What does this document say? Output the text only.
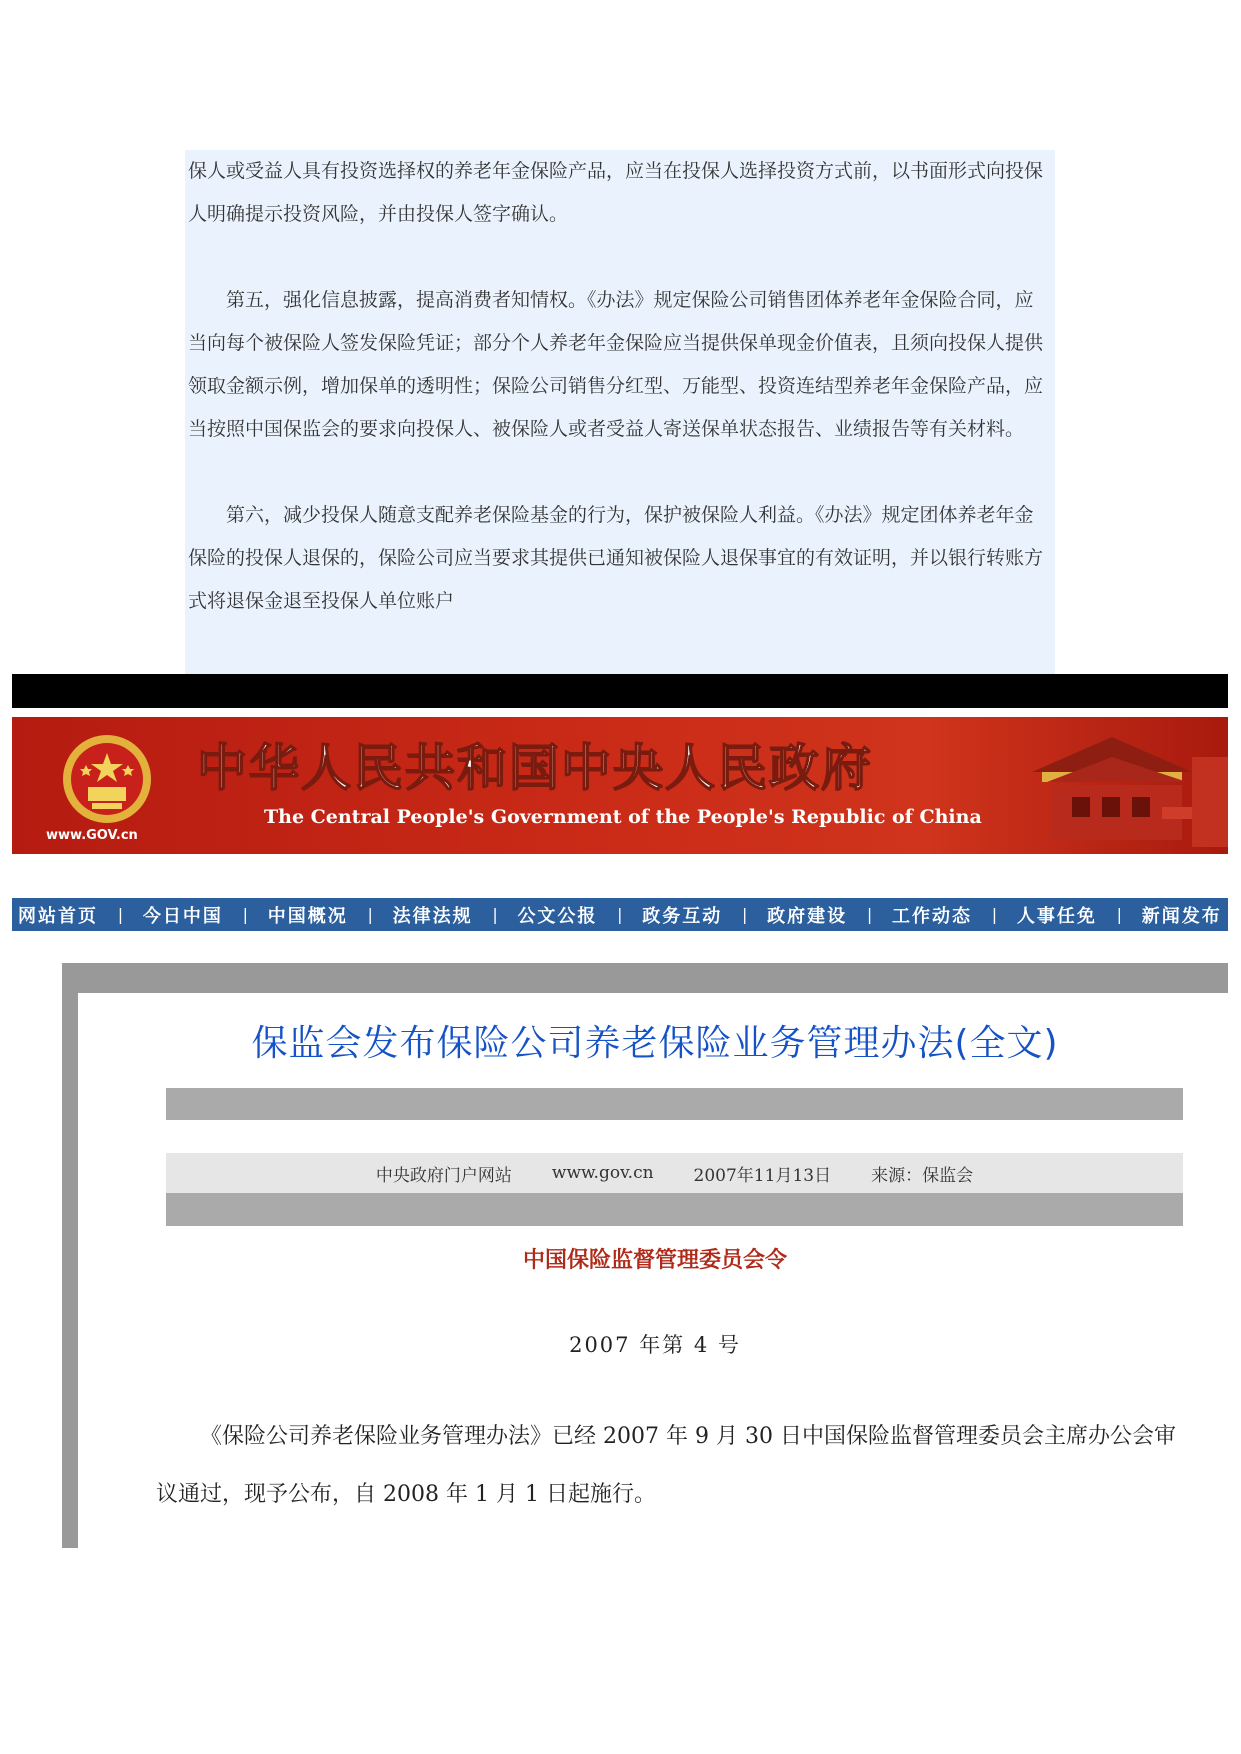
保人或受益人具有投资选择权的养老年金保险产品，应当在投保人选择投资方式前，以书面形式向投保人明确提示投资风险，并由投保人签字确认。

第五，强化信息披露，提高消费者知情权。《办法》规定保险公司销售团体养老年金保险合同，应当向每个被保险人签发保险凭证；部分个人养老年金保险应当提供保单现金价值表，且须向投保人提供领取金额示例，增加保单的透明性；保险公司销售分红型、万能型、投资连结型养老年金保险产品，应当按照中国保监会的要求向投保人、被保险人或者受益人寄送保单状态报告、业绩报告等有关材料。

第六，减少投保人随意支配养老保险基金的行为，保护被保险人利益。《办法》规定团体养老年金保险的投保人退保的，保险公司应当要求其提供已通知被保险人退保事宜的有效证明，并以银行转账方式将退保金退至投保人单位账户

www.GOV.cn
中华人民共和国中央人民政府
The Central People's Government of the People's Republic of China
网站首页 | 今日中国 | 中国概况 | 法律法规 | 公文公报 | 政务互动 | 政府建设 | 工作动态 | 人事任免 | 新闻发布
保监会发布保险公司养老保险业务管理办法(全文)
中央政府门户网站 www.gov.cn 2007年11月13日 来源：保监会
中国保险监督管理委员会令
2007 年第 4 号

《保险公司养老保险业务管理办法》已经 2007 年 9 月 30 日中国保险监督管理委员会主席办公会审议通过，现予公布，自 2008 年 1 月 1 日起施行。
